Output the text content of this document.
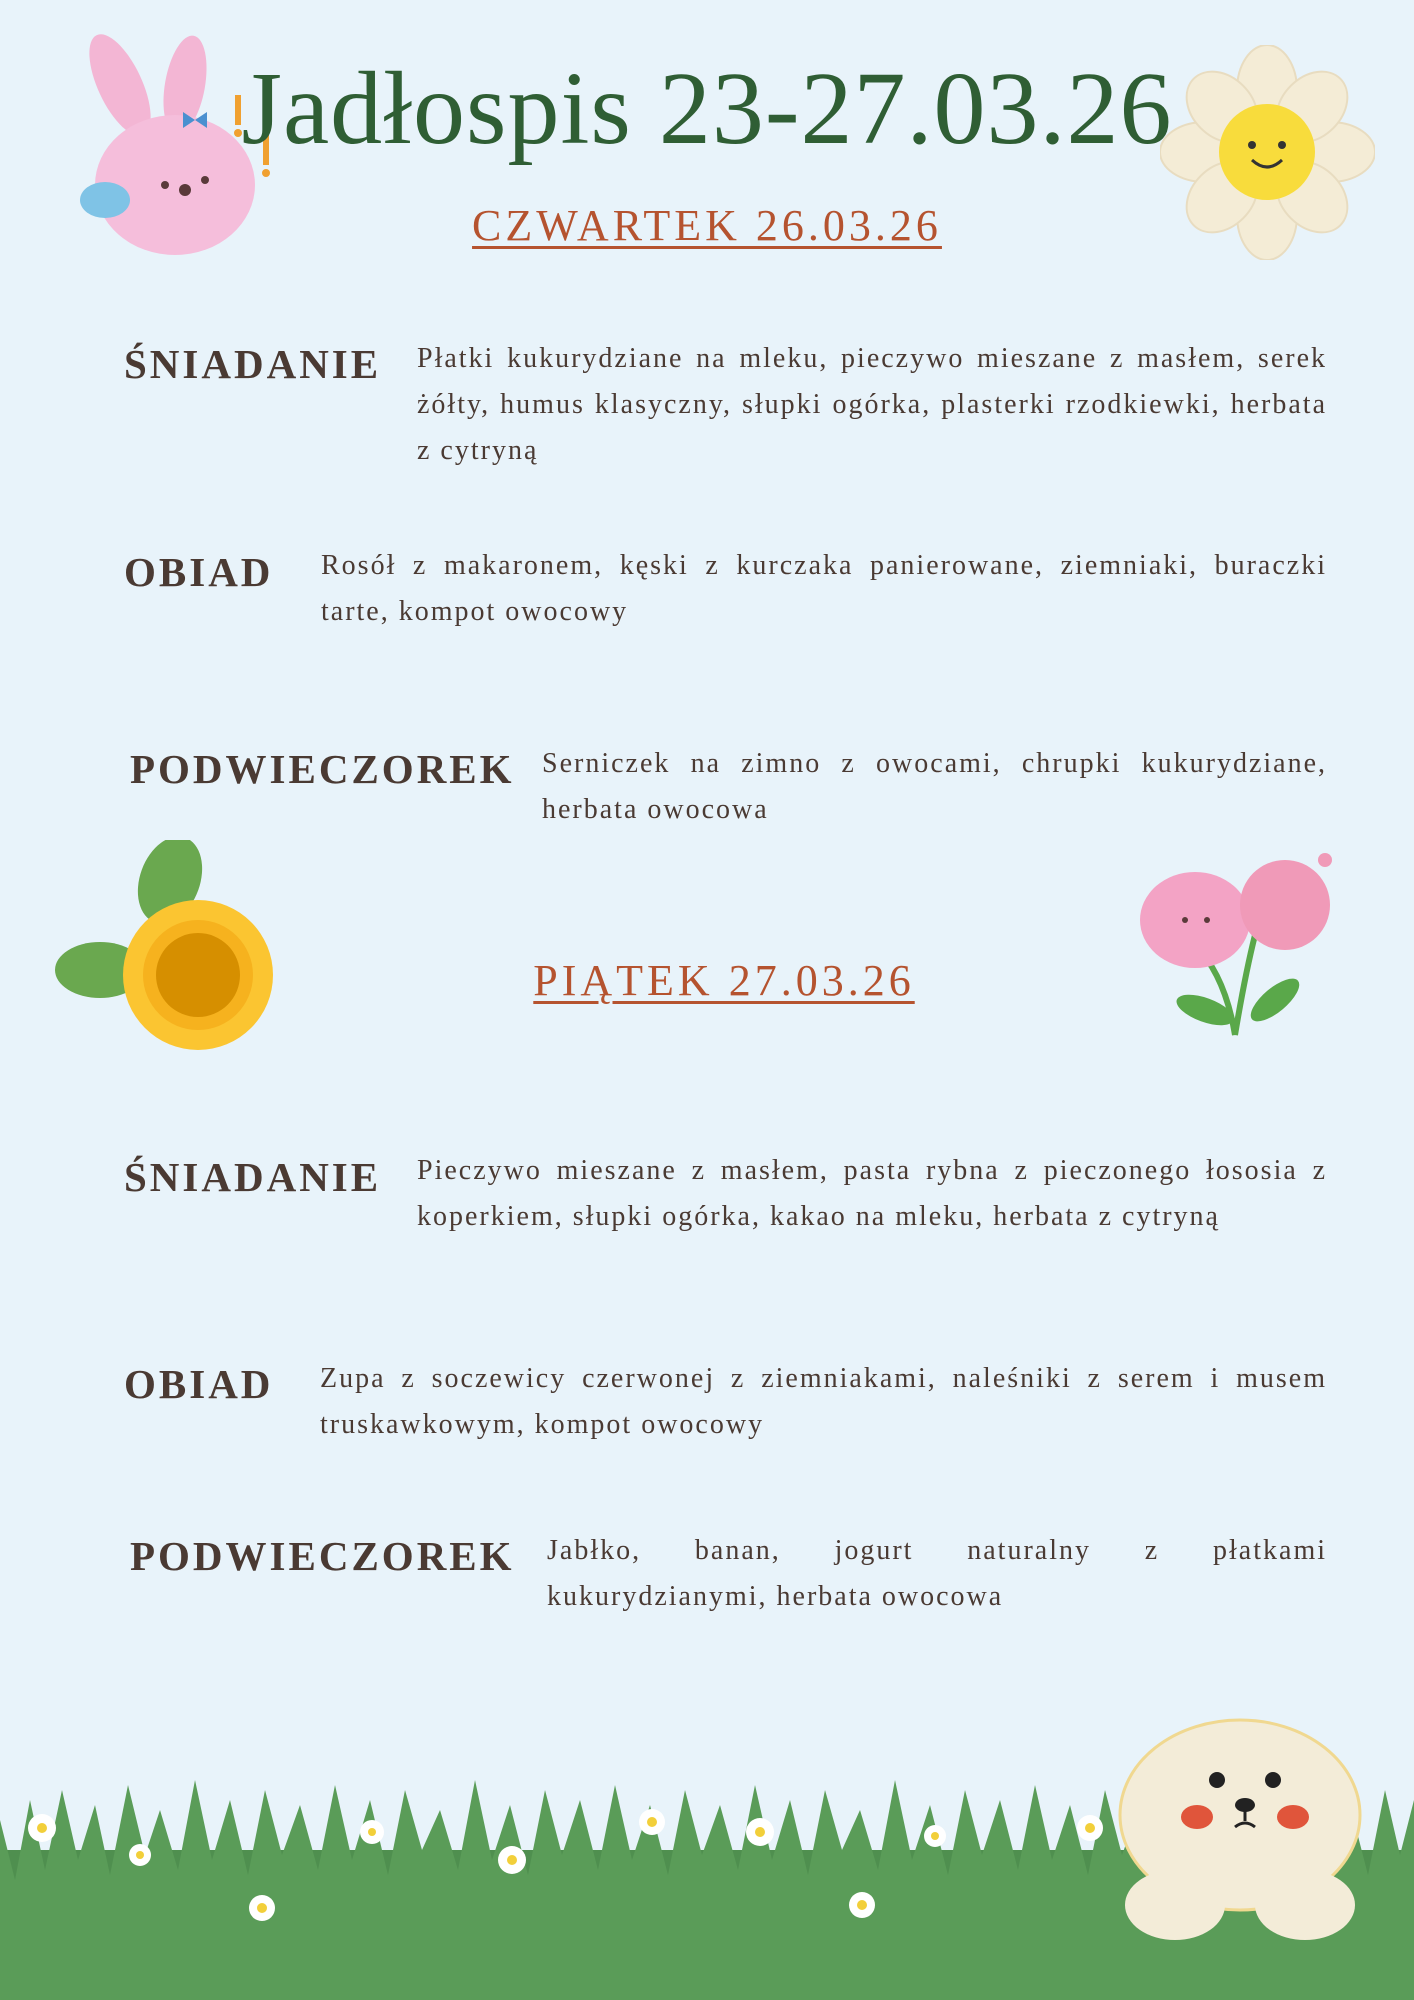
Jadłospis 23-27.03.26
CZWARTEK 26.03.26
ŚNIADANIE Płatki kukurydziane na mleku, pieczywo mieszane z masłem, serek żółty, humus klasyczny, słupki ogórka, plasterki rzodkiewki, herbata z cytryną
OBIAD Rosół z makaronem, kęski z kurczaka panierowane, ziemniaki, buraczki tarte, kompot owocowy
PODWIECZOREK Serniczek na zimno z owocami, chrupki kukurydziane, herbata owocowa
PIĄTEK 27.03.26
ŚNIADANIE Pieczywo mieszane z masłem, pasta rybna z pieczonego łososia z koperkiem, słupki ogórka, kakao na mleku, herbata z cytryną
OBIAD Zupa z soczewicy czerwonej z ziemniakami, naleśniki z serem i musem truskawkowym, kompot owocowy
PODWIECZOREK Jabłko, banan, jogurt naturalny z płatkami kukurydzianymi, herbata owocowa
